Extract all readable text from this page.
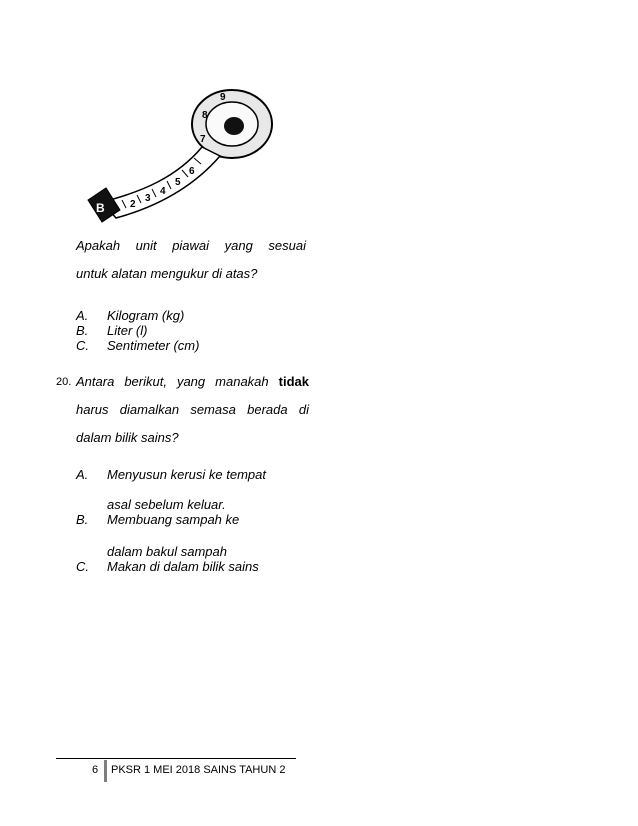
2
3
4
5
6
7
8
9
B
Apakah unit piawai yang sesuai
untuk alatan mengukur di atas?
A. Kilogram (kg)
B. Liter (l)
C. Sentimeter (cm)
20. Antara berikut, yang manakah tidak
harus diamalkan semasa berada di
dalam bilik sains?
A. Menyusun kerusi ke tempat
asal sebelum keluar.
B. Membuang sampah ke
dalam bakul sampah
C. Makan di dalam bilik sains
6 PKSR 1 MEI 2018 SAINS TAHUN 2
